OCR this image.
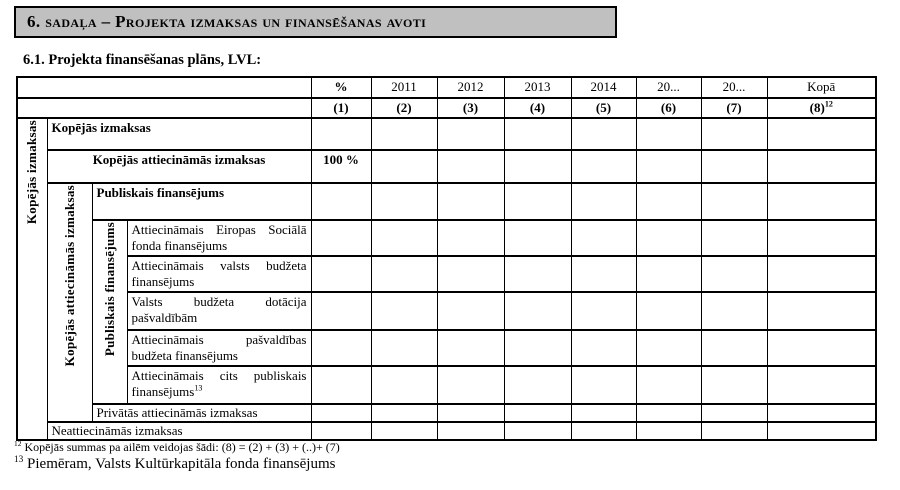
6. sadaļa – Projekta izmaksas un finansēšanas avoti
6.1. Projekta finansēšanas plāns, LVL:
				%	2011	2012	2013	2014	20...	20...	Kopā
				(1)	(2)	(3)	(4)	(5)	(6)	(7)	$(8)^{12}$
Kopējās izmaksas	Kopējās izmaksas										
	Kopējās attiecināmās izmaksas			100 %							
	Kopējās attiecināmās izmaksas	Publiskais finansējums									
		Publiskais finansējums	Attiecināmais Eiropas Sociālā fonda finansējums								
			Attiecināmais valsts budžeta finansējums								
			Valsts budžeta dotācija pašvaldībām								
			Attiecināmais pašvaldības budžeta finansējums								
			Attiecināmais cits publiskais finansējums$^{13}$								
		Privātās attiecināmās izmaksas									
	Neattiecināmās izmaksas										
$^{12}$ Kopējās summas pa ailēm veidojas šādi: (8) = (2) + (3) + (..)+ (7)
$^{13}$ Piemēram, Valsts Kultūrkapitāla fonda finansējums
